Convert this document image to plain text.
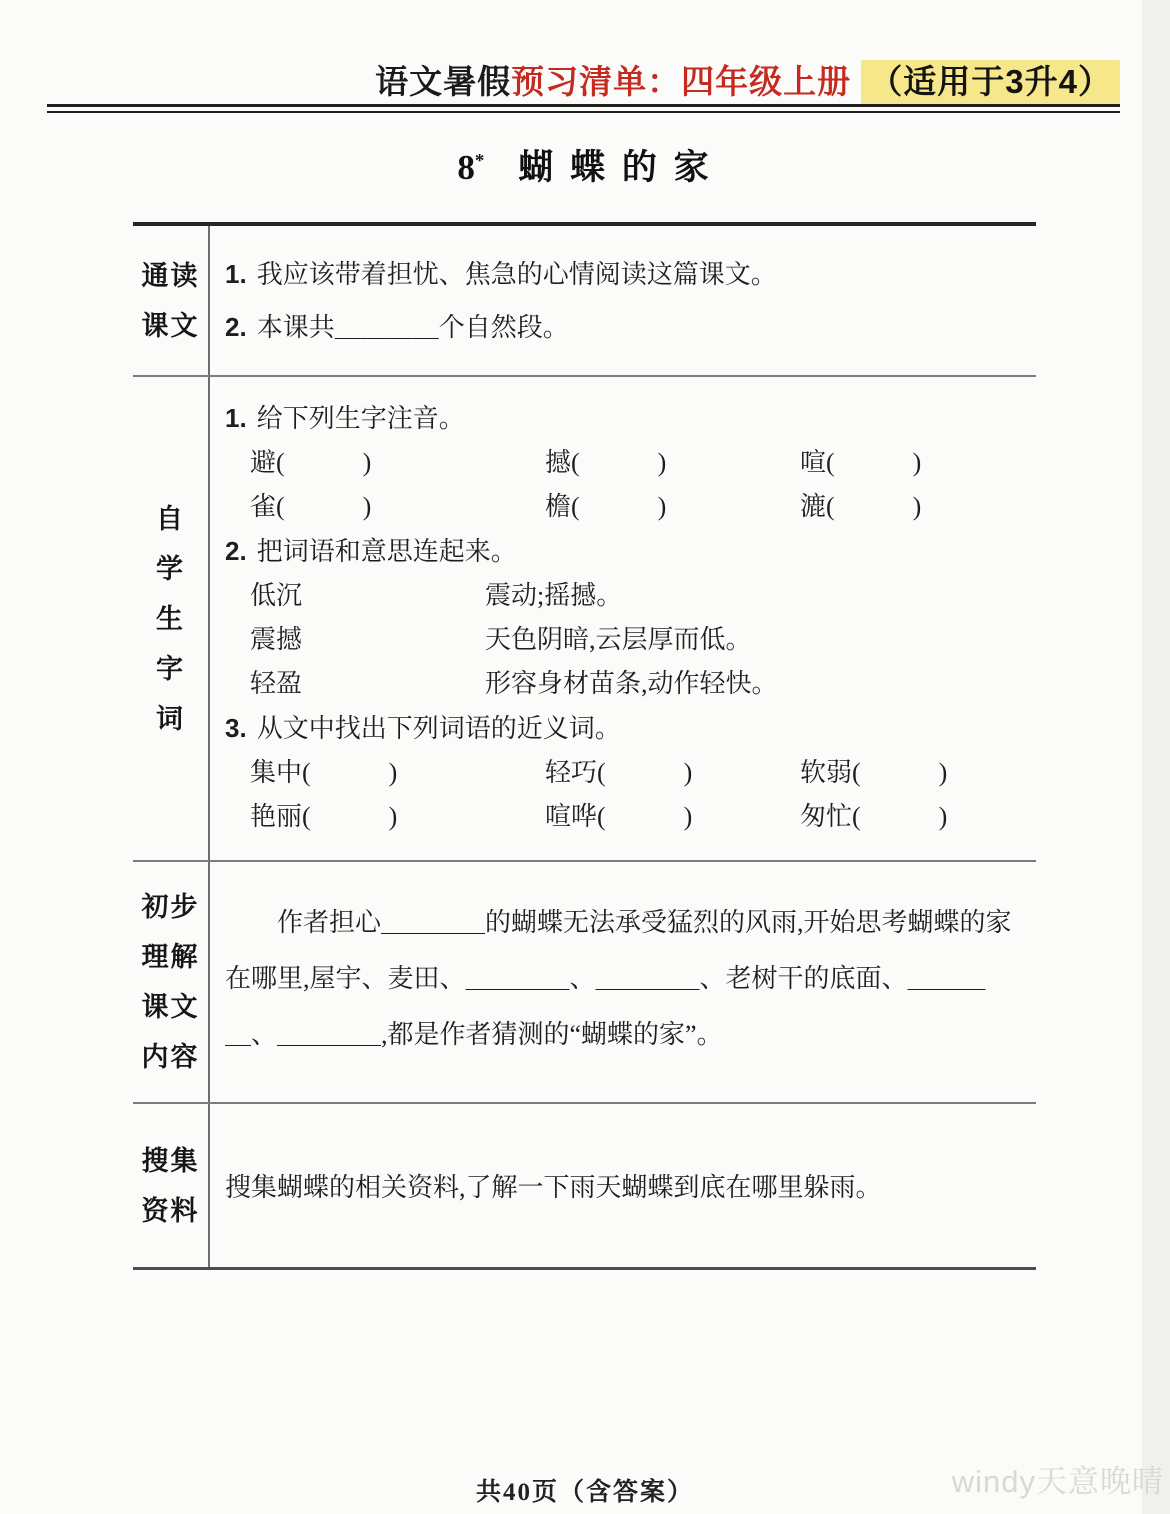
语文暑假预习清单：四年级上册 （适用于3升4）
8* 蝴 蝶 的 家
通读
课文
1. 我应该带着担忧、焦急的心情阅读这篇课文。
2. 本课共＿＿＿＿个自然段。
自
学
生
字
词
1. 给下列生字注音。
避(　　　)	撼(　　　)	喧(　　　)
雀(　　　)	檐(　　　)	漉(　　　)
2. 把词语和意思连起来。
低沉	震动;摇撼。
震撼	天色阴暗,云层厚而低。
轻盈	形容身材苗条,动作轻快。
3. 从文中找出下列词语的近义词。
集中(　　　)	轻巧(　　　)	软弱(　　　)
艳丽(　　　)	喧哗(　　　)	匆忙(　　　)
初步
理解
课文
内容
作者担心＿＿＿＿的蝴蝶无法承受猛烈的风雨,开始思考蝴蝶的家在哪里,屋宇、麦田、＿＿＿＿、＿＿＿＿、老树干的底面、＿＿＿＿、＿＿＿＿,都是作者猜测的“蝴蝶的家”。
搜集
资料
搜集蝴蝶的相关资料,了解一下雨天蝴蝶到底在哪里躲雨。
共40页（含答案）	windy天意晚晴
